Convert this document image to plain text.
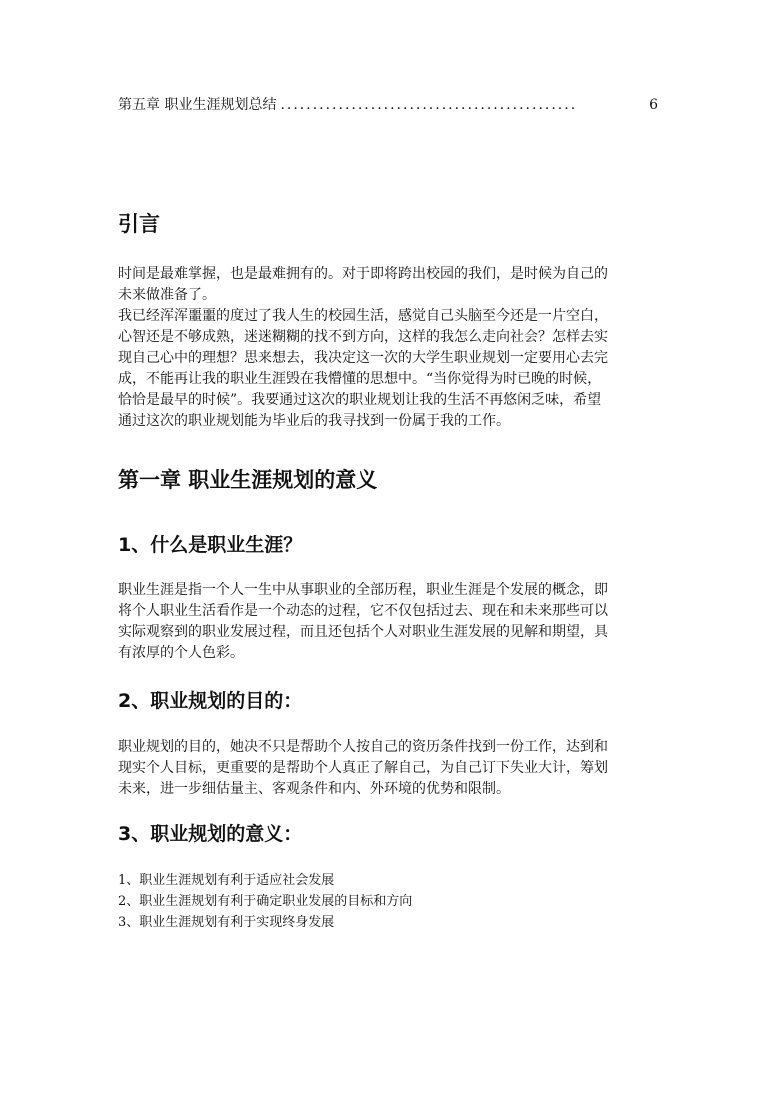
第五章 职业生涯规划总结 ..............................................	6
引言

时间是最难掌握，也是最难拥有的。对于即将跨出校园的我们，是时候为自己的
未来做准备了。
我已经浑浑噩噩的度过了我人生的校园生活，感觉自己头脑至今还是一片空白，
心智还是不够成熟，迷迷糊糊的找不到方向，这样的我怎么走向社会？怎样去实
现自己心中的理想？思来想去，我决定这一次的大学生职业规划一定要用心去完
成，不能再让我的职业生涯毁在我懵懂的思想中。“当你觉得为时已晚的时候，
恰恰是最早的时候”。我要通过这次的职业规划让我的生活不再悠闲乏味，希望
通过这次的职业规划能为毕业后的我寻找到一份属于我的工作。

第一章 职业生涯规划的意义
1、什么是职业生涯？

职业生涯是指一个人一生中从事职业的全部历程，职业生涯是个发展的概念，即
将个人职业生活看作是一个动态的过程，它不仅包括过去、现在和未来那些可以
实际观察到的职业发展过程，而且还包括个人对职业生涯发展的见解和期望，具
有浓厚的个人色彩。

2、职业规划的目的：

职业规划的目的，她决不只是帮助个人按自己的资历条件找到一份工作，达到和
现实个人目标，更重要的是帮助个人真正了解自己，为自己订下失业大计，筹划
未来，进一步细估量主、客观条件和内、外环境的优势和限制。

3、职业规划的意义：
1、职业生涯规划有利于适应社会发展
2、职业生涯规划有利于确定职业发展的目标和方向
3、职业生涯规划有利于实现终身发展
